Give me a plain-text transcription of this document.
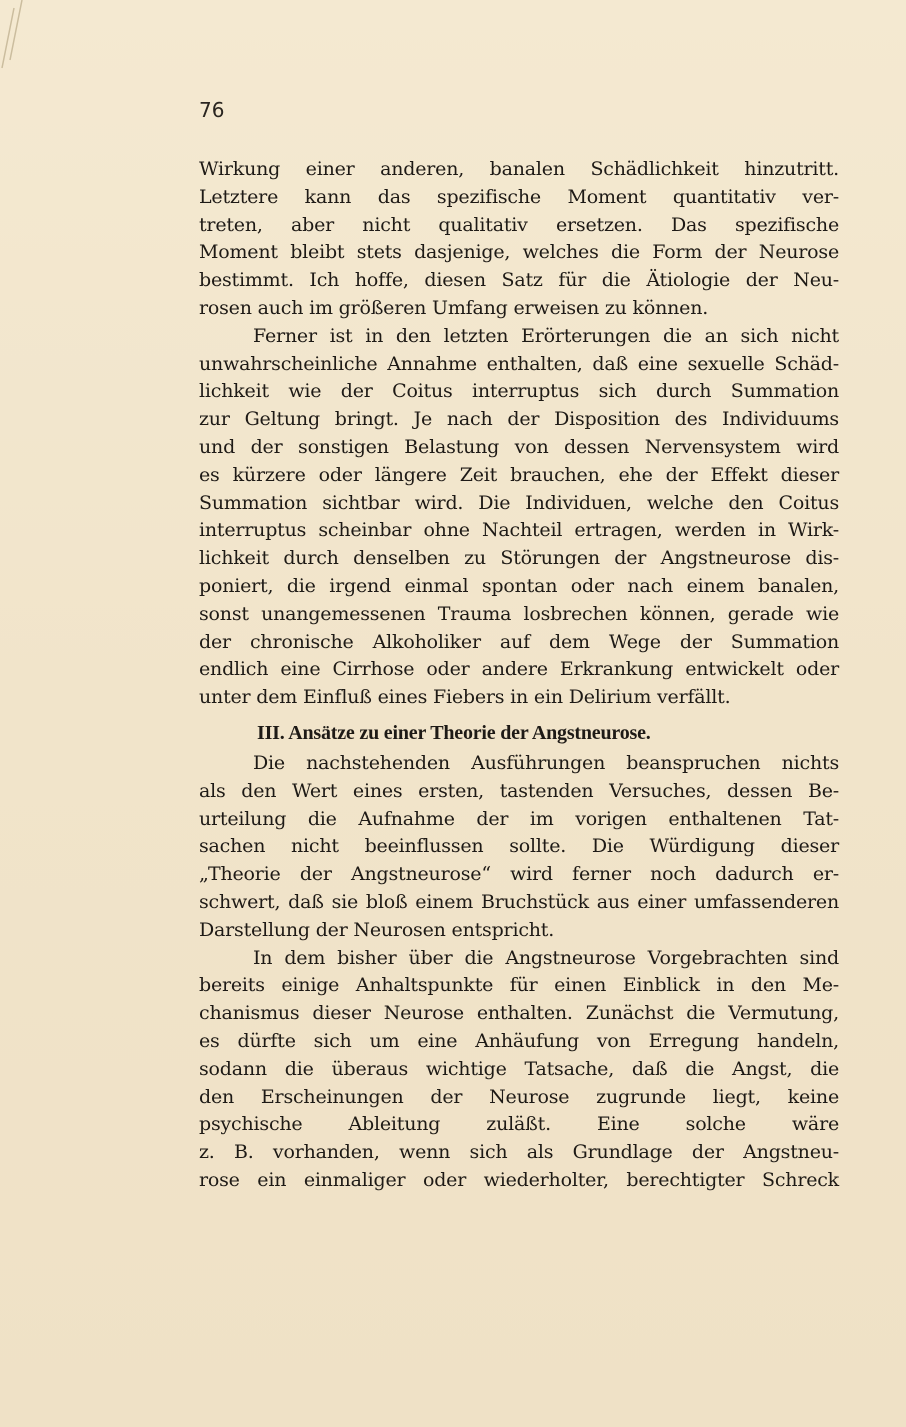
76
Wirkung einer anderen, banalen Schädlichkeit hinzutritt.
Letztere kann das spezifische Moment quantitativ ver-
treten, aber nicht qualitativ ersetzen. Das spezifische
Moment bleibt stets dasjenige, welches die Form der Neurose
bestimmt. Ich hoffe, diesen Satz für die Ätiologie der Neu-
rosen auch im größeren Umfang erweisen zu können.
Ferner ist in den letzten Erörterungen die an sich nicht
unwahrscheinliche Annahme enthalten, daß eine sexuelle Schäd-
lichkeit wie der Coitus interruptus sich durch Summation
zur Geltung bringt. Je nach der Disposition des Individuums
und der sonstigen Belastung von dessen Nervensystem wird
es kürzere oder längere Zeit brauchen, ehe der Effekt dieser
Summation sichtbar wird. Die Individuen, welche den Coitus
interruptus scheinbar ohne Nachteil ertragen, werden in Wirk-
lichkeit durch denselben zu Störungen der Angstneurose dis-
poniert, die irgend einmal spontan oder nach einem banalen,
sonst unangemessenen Trauma losbrechen können, gerade wie
der chronische Alkoholiker auf dem Wege der Summation
endlich eine Cirrhose oder andere Erkrankung entwickelt oder
unter dem Einfluß eines Fiebers in ein Delirium verfällt.
III. Ansätze zu einer Theorie der Angstneurose.
Die nachstehenden Ausführungen beanspruchen nichts
als den Wert eines ersten, tastenden Versuches, dessen Be-
urteilung die Aufnahme der im vorigen enthaltenen Tat-
sachen nicht beeinflussen sollte. Die Würdigung dieser
„Theorie der Angstneurose“ wird ferner noch dadurch er-
schwert, daß sie bloß einem Bruchstück aus einer umfassenderen
Darstellung der Neurosen entspricht.
In dem bisher über die Angstneurose Vorgebrachten sind
bereits einige Anhaltspunkte für einen Einblick in den Me-
chanismus dieser Neurose enthalten. Zunächst die Vermutung,
es dürfte sich um eine Anhäufung von Erregung handeln,
sodann die überaus wichtige Tatsache, daß die Angst, die
den Erscheinungen der Neurose zugrunde liegt, keine
psychische Ableitung zuläßt. Eine solche wäre
z. B. vorhanden, wenn sich als Grundlage der Angstneu-
rose ein einmaliger oder wiederholter, berechtigter Schreck
